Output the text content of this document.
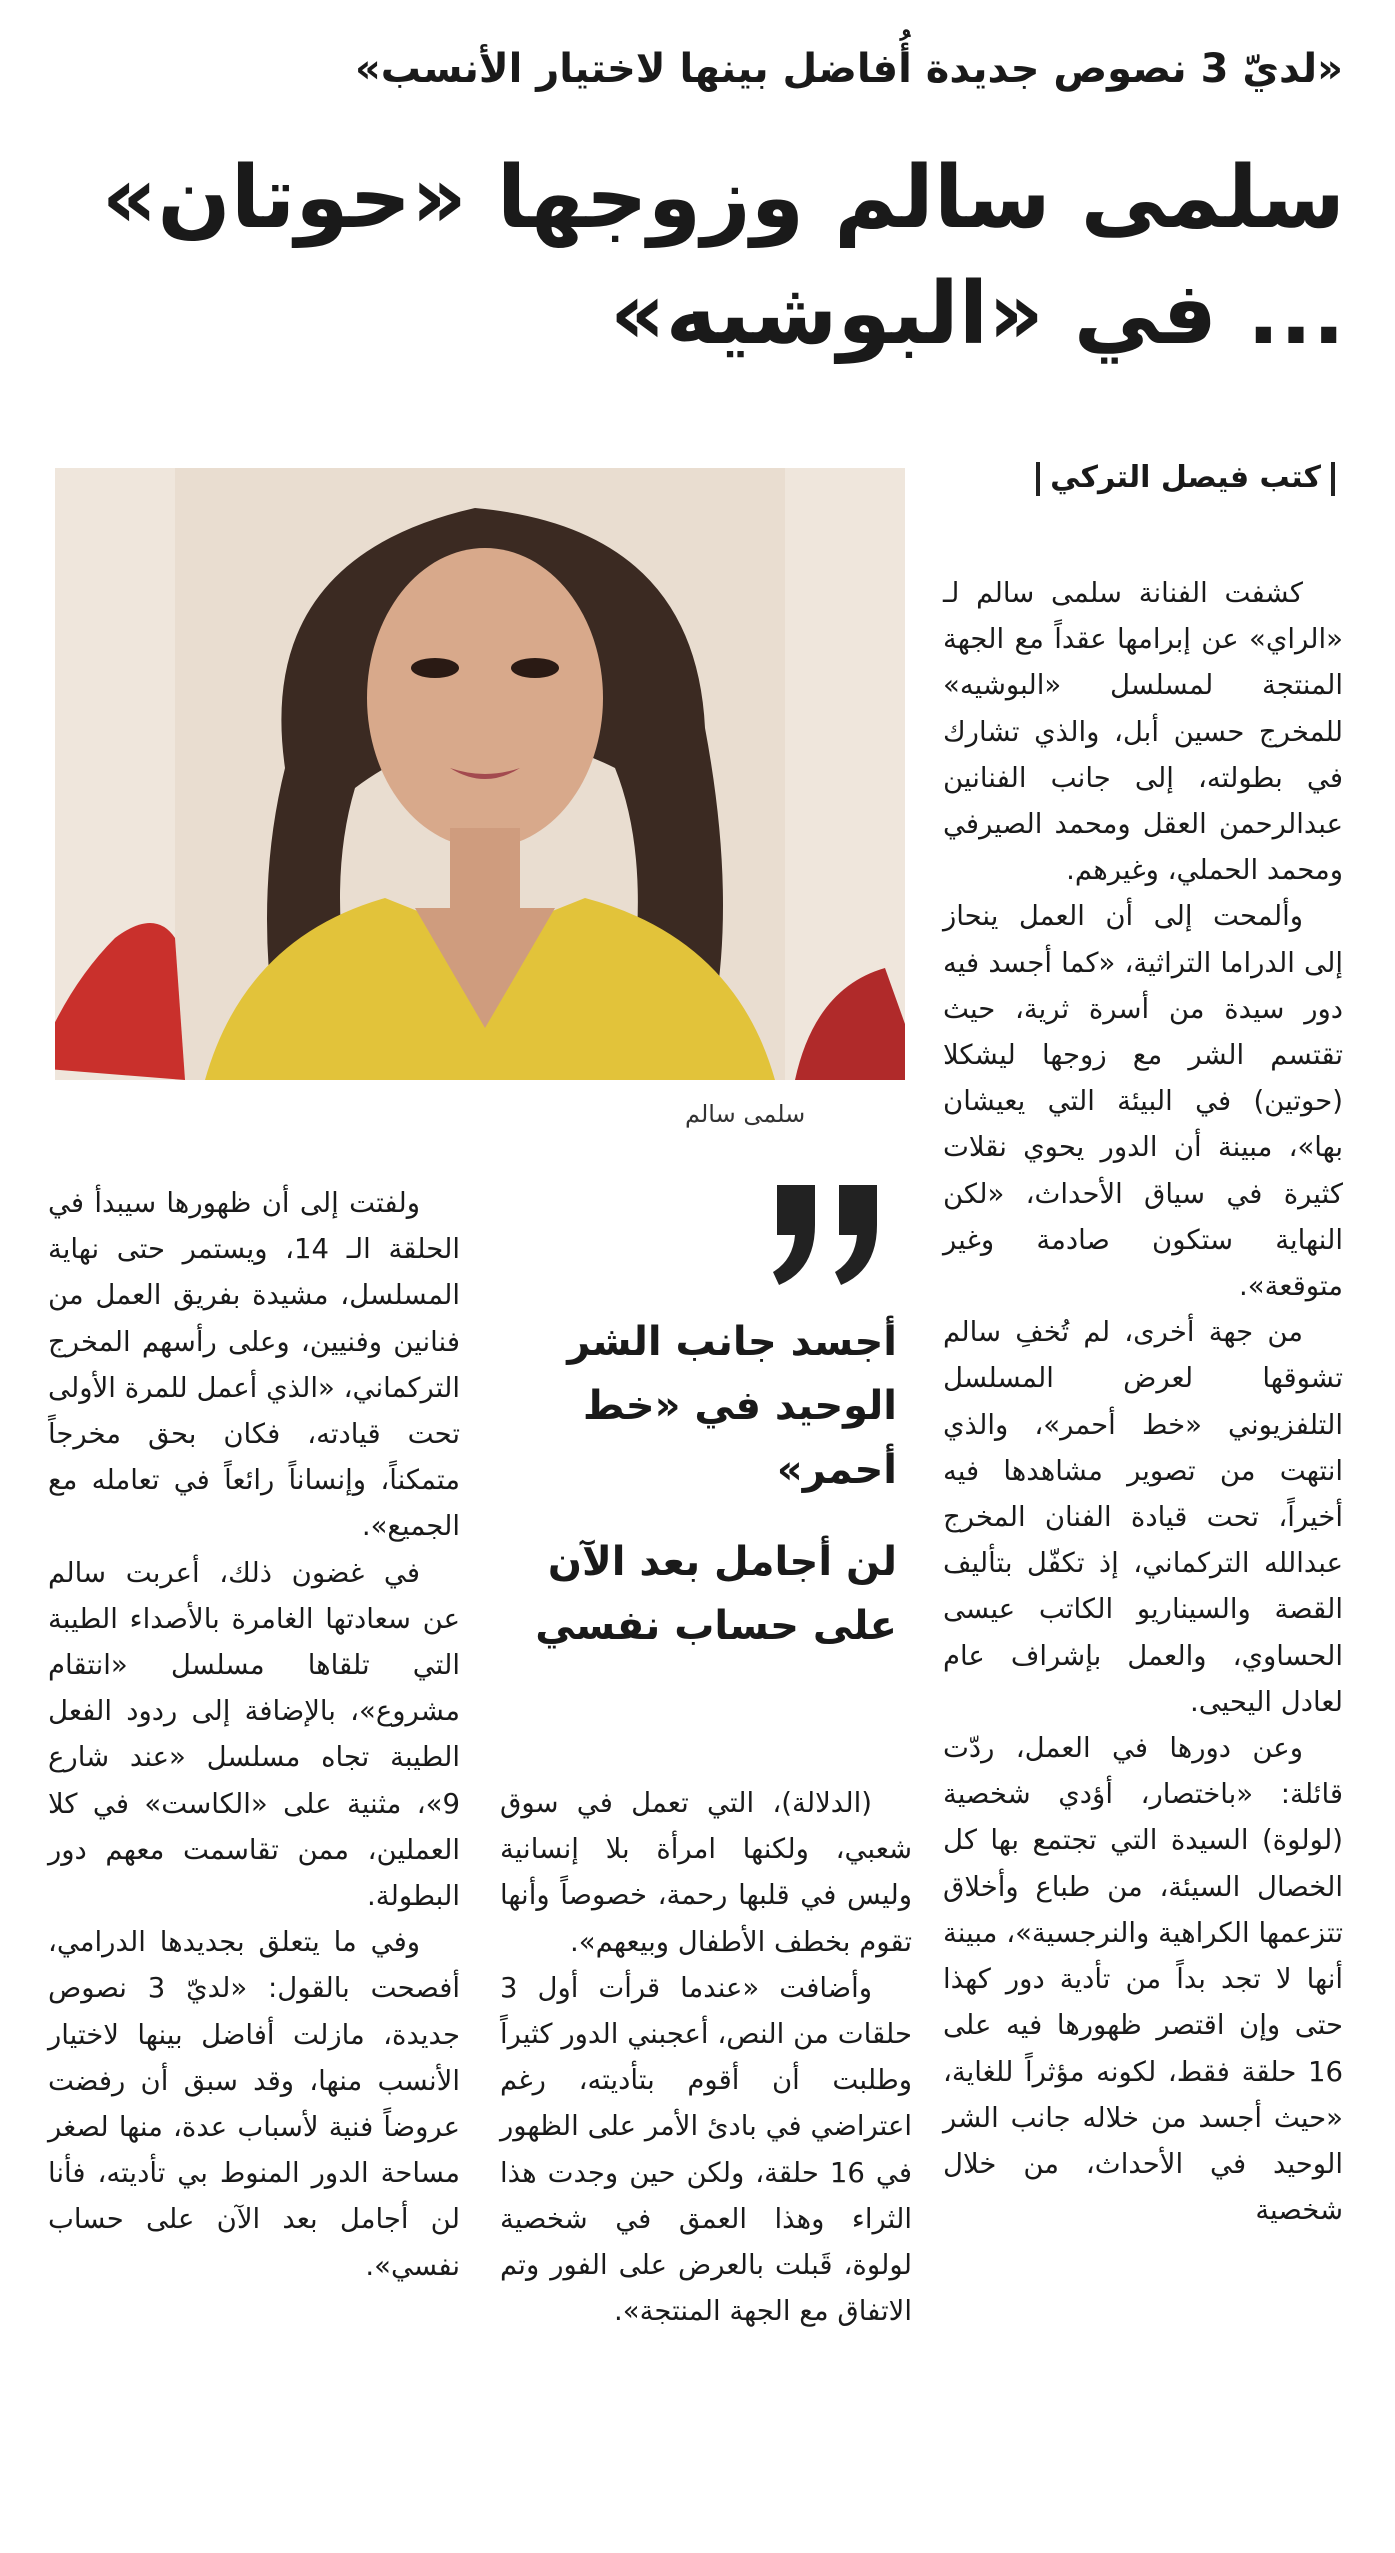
«لديّ 3 نصوص جديدة أُفاضل بينها لاختيار الأنسب»
سلمى سالم وزوجها «حوتان»
... في «البوشيه»
كتب فيصل التركي
سلمى سالم

كشفت الفنانة سلمى سالم لـ «الراي» عن إبرامها عقداً مع الجهة المنتجة لمسلسل «البوشيه» للمخرج حسين أبل، والذي تشارك في بطولته، إلى جانب الفنانين عبدالرحمن العقل ومحمد الصيرفي ومحمد الحملي، وغيرهم.

وألمحت إلى أن العمل ينحاز إلى الدراما التراثية، «كما أجسد فيه دور سيدة من أسرة ثرية، حيث تقتسم الشر مع زوجها ليشكلا (حوتين) في البيئة التي يعيشان بها»، مبينة أن الدور يحوي نقلات كثيرة في سياق الأحداث، «لكن النهاية ستكون صادمة وغير متوقعة».

من جهة أخرى، لم تُخفِ سالم تشوقها لعرض المسلسل التلفزيوني «خط أحمر»، والذي انتهت من تصوير مشاهدها فيه أخيراً، تحت قيادة الفنان المخرج عبدالله التركماني، إذ تكفّل بتأليف القصة والسيناريو الكاتب عيسى الحساوي، والعمل بإشراف عام لعادل اليحيى.

وعن دورها في العمل، ردّت قائلة: «باختصار، أؤدي شخصية (لولوة) السيدة التي تجتمع بها كل الخصال السيئة، من طباع وأخلاق تتزعمها الكراهية والنرجسية»، مبينة أنها لا تجد بداً من تأدية دور كهذا حتى وإن اقتصر ظهورها فيه على 16 حلقة فقط، لكونه مؤثراً للغاية، «حيث أجسد من خلاله جانب الشر الوحيد في الأحداث، من خلال شخصية

أجسد جانب الشر الوحيد في «خط أحمر»
لن أجامل بعد الآن على حساب نفسي

(الدلالة)، التي تعمل في سوق شعبي، ولكنها امرأة بلا إنسانية وليس في قلبها رحمة، خصوصاً وأنها تقوم بخطف الأطفال وبيعهم».

وأضافت «عندما قرأت أول 3 حلقات من النص، أعجبني الدور كثيراً وطلبت أن أقوم بتأديته، رغم اعتراضي في بادئ الأمر على الظهور في 16 حلقة، ولكن حين وجدت هذا الثراء وهذا العمق في شخصية لولوة، قَبلت بالعرض على الفور وتم الاتفاق مع الجهة المنتجة».

ولفتت إلى أن ظهورها سيبدأ في الحلقة الـ 14، ويستمر حتى نهاية المسلسل، مشيدة بفريق العمل من فنانين وفنيين، وعلى رأسهم المخرج التركماني، «الذي أعمل للمرة الأولى تحت قيادته، فكان بحق مخرجاً متمكناً، وإنساناً رائعاً في تعامله مع الجميع».

في غضون ذلك، أعربت سالم عن سعادتها الغامرة بالأصداء الطيبة التي تلقاها مسلسل «انتقام مشروع»، بالإضافة إلى ردود الفعل الطيبة تجاه مسلسل «عند شارع 9»، مثنية على «الكاست» في كلا العملين، ممن تقاسمت معهم دور البطولة.

وفي ما يتعلق بجديدها الدرامي، أفصحت بالقول: «لديّ 3 نصوص جديدة، مازلت أفاضل بينها لاختيار الأنسب منها، وقد سبق أن رفضت عروضاً فنية لأسباب عدة، منها لصغر مساحة الدور المنوط بي تأديته، فأنا لن أجامل بعد الآن على حساب نفسي».
